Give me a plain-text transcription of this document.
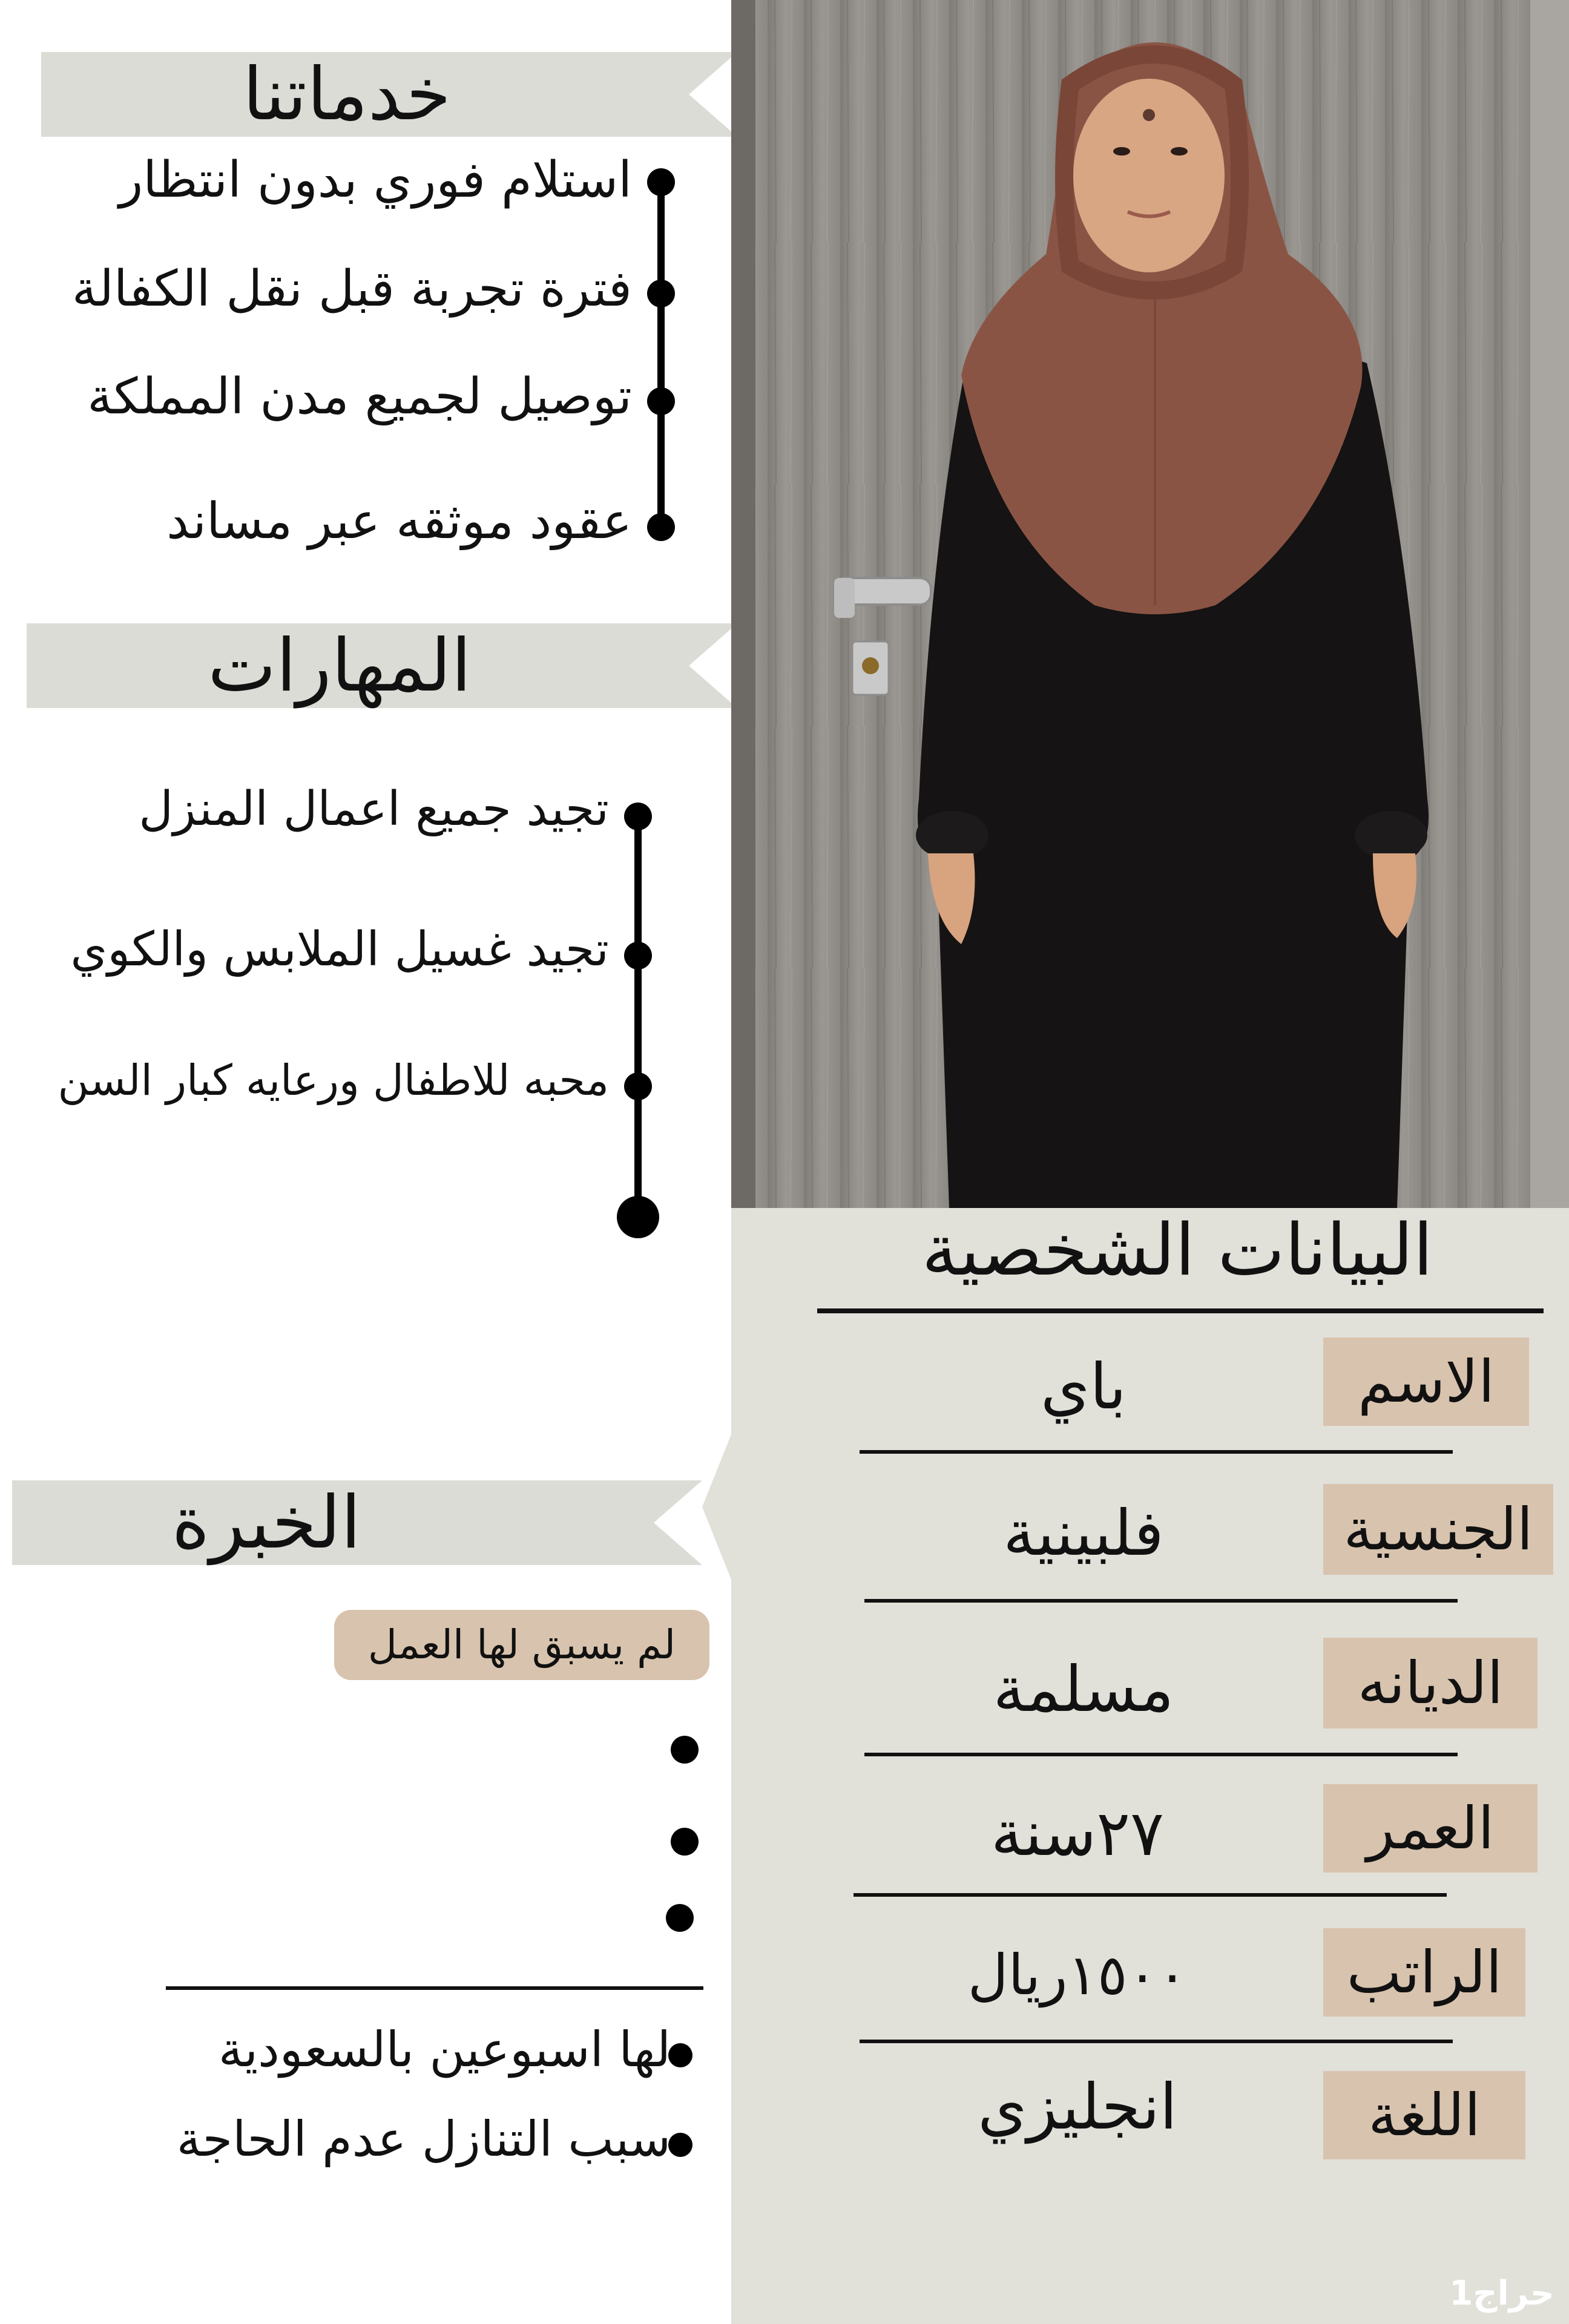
خدماتنا
استلام فوري بدون انتظار
فترة تجربة قبل نقل الكفالة
توصيل لجميع مدن المملكة
عقود موثقه عبر مساند
المهارات
تجيد جميع اعمال المنزل
تجيد غسيل الملابس والكوي
محبه للاطفال ورعايه كبار السن
الخبرة
لم يسبق لها العمل
لها اسبوعين بالسعودية
سبب التنازل عدم الحاجة
البيانات الشخصية
الاسم
باي
الجنسية
فلبينية
الديانه
مسلمة
العمر
٢٧سنة
الراتب
١٥٠٠ريال
اللغة
انجليزي
حراج1
